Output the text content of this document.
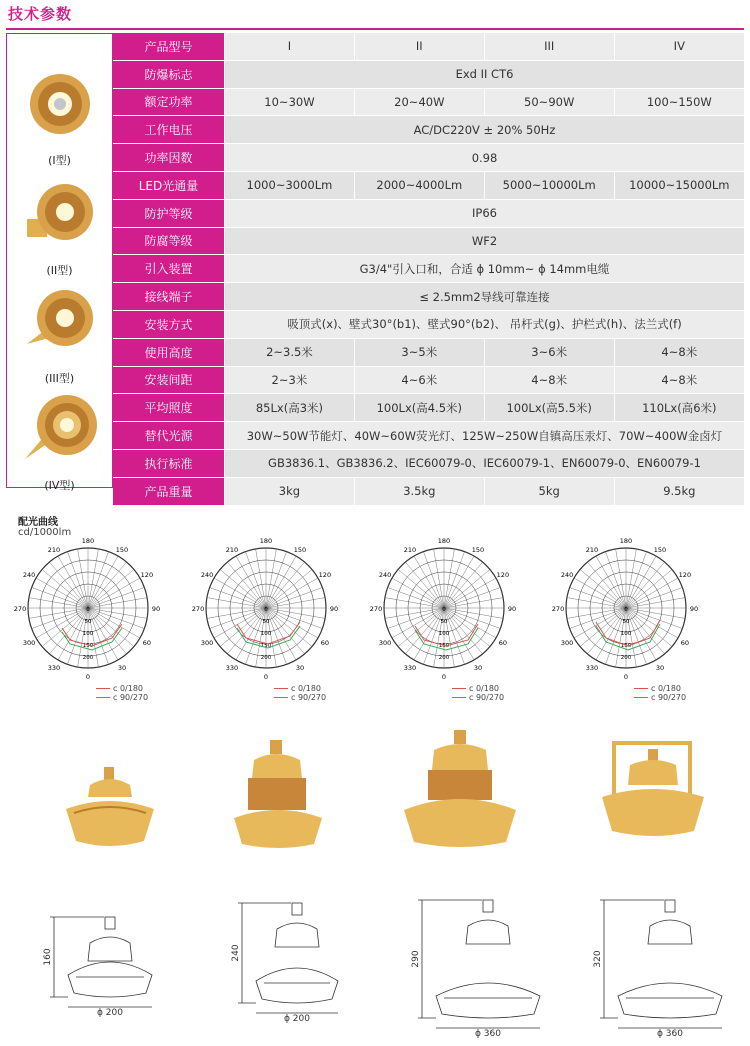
技术参数
(I型)
(II型)
(III型)
(IV型)
产品型号	I	II	III	IV
防爆标志	Exd II CT6			
额定功率	10~30W	20~40W	50~90W	100~150W
工作电压	AC/DC220V ± 20% 50Hz			
功率因数	0.98			
LED光通量	1000~3000Lm	2000~4000Lm	5000~10000Lm	10000~15000Lm
防护等级	IP66			
防腐等级	WF2			
引入装置	G3/4"引入口和，合适 ϕ 10mm~ ϕ 14mm电缆			
接线端子	≤ 2.5mm2导线可靠连接			
安装方式	吸顶式(x)、壁式30°(b1)、壁式90°(b2)、 吊杆式(g)、护栏式(h)、法兰式(f)			
使用高度	2~3.5米	3~5米	3~6米	4~8米
安装间距	2~3米	4~6米	4~8米	4~8米
平均照度	85Lx(高3米)	100Lx(高4.5米)	100Lx(高5.5米)	110Lx(高6米)
替代光源	30W~50W节能灯、40W~60W荧光灯、125W~250W自镇高压汞灯、70W~400W金卤灯			
执行标准	GB3836.1、GB3836.2、IEC60079-0、IEC60079-1、EN60079-0、EN60079-1			
产品重量	3kg	3.5kg	5kg	9.5kg
配光曲线
cd/1000lm
180
150
120
90
60
30
0
330
300
270
240
210
0
50
100
150
200
c 0/180
c 90/270
180
150
120
90
60
30
0
330
300
270
240
210
0
50
100
150
200
c 0/180
c 90/270
180
150
120
90
60
30
0
330
300
270
240
210
0
50
100
150
200
c 0/180
c 90/270
180
150
120
90
60
30
0
330
300
270
240
210
0
50
100
150
200
c 0/180
c 90/270
160
ϕ 200
240
ϕ 200
290
ϕ 360
320
ϕ 360
